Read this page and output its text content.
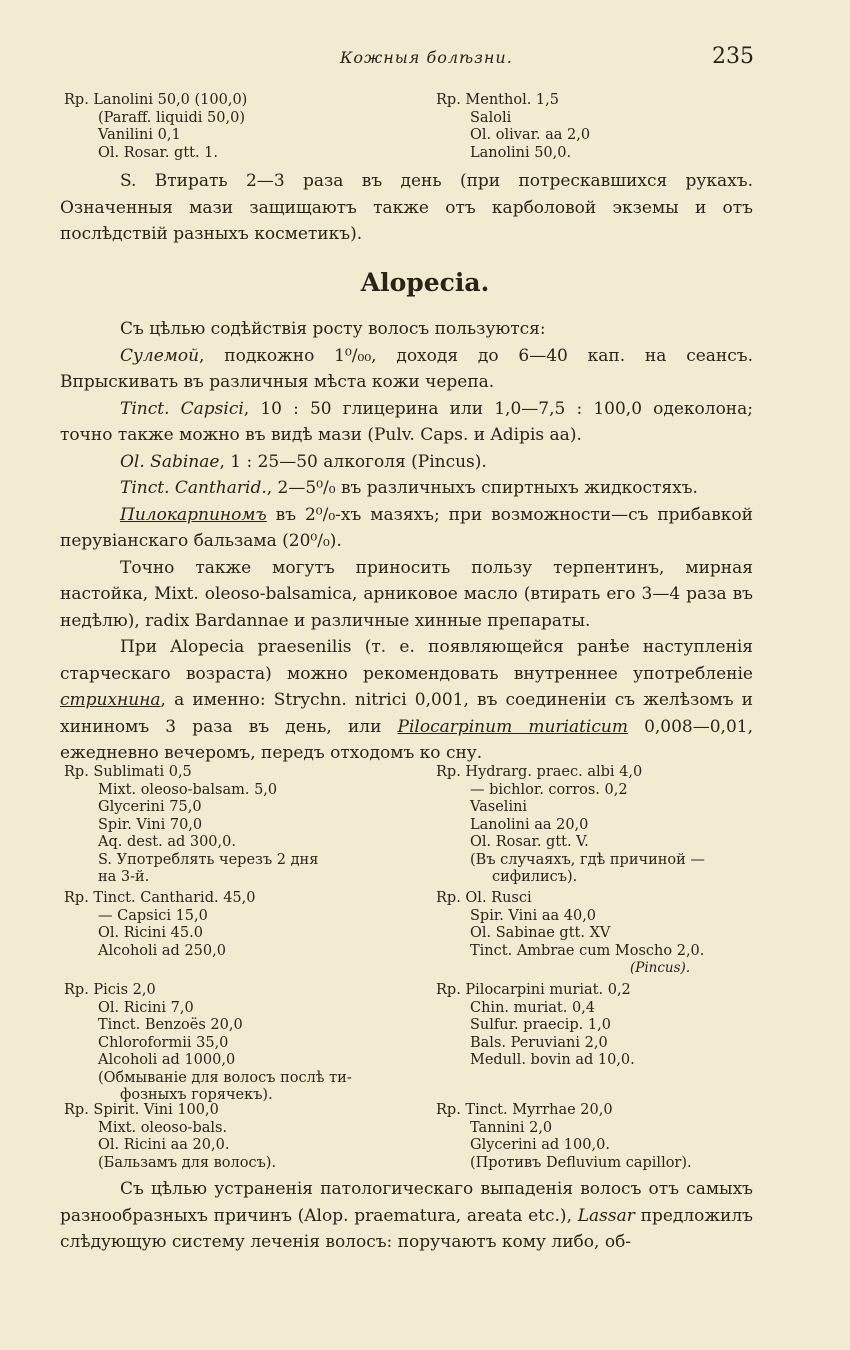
Кожныя болѣзни.	235
Rp. Lanolini 50,0 (100,0)
(Paraff. liquidi 50,0)
Vanilini 0,1
Ol. Rosar. gtt. 1.
Rp. Menthol. 1,5
Saloli
Ol. olivar. aa 2,0
Lanolini 50,0.

S. Втирать 2—3 раза въ день (при потрескавшихся рукахъ. Означенныя мази защищаютъ также отъ карболовой экземы и отъ послѣдствій разныхъ косметикъ).

Alopecia.

Съ цѣлью содѣйствія росту волосъ пользуются:

Сулемой, подкожно 1⁰/₀₀, доходя до 6—40 кап. на сеансъ. Впрыскивать въ различныя мѣста кожи черепа.

Tinct. Capsici, 10 : 50 глицерина или 1,0—7,5 : 100,0 одеколона; точно также можно въ видѣ мази (Pulv. Caps. и Adipis aa).

Ol. Sabinae, 1 : 25—50 алкоголя (Pincus).

Tinct. Cantharid., 2—5⁰/₀ въ различныхъ спиртныхъ жидкостяхъ.

Пилокарпиномъ въ 2⁰/₀-хъ мазяхъ; при возможности—съ прибавкой перувіанскаго бальзама (20⁰/₀).

Точно также могутъ приносить пользу терпентинъ, мирная настойка, Mixt. oleoso-balsamica, арниковое масло (втирать его 3—4 раза въ недѣлю), radix Bardannae и различные хинные препараты.

При Alopecia praesenilis (т. е. появляющейся ранѣе наступленія старческаго возраста) можно рекомендовать внутреннее употребленіе стрихнина, а именно: Strychn. nitrici 0,001, въ соединеніи съ желѣзомъ и хининомъ 3 раза въ день, или Pilocarpinum muriaticum 0,008—0,01, ежедневно вечеромъ, передъ отходомъ ко сну.

Rp. Sublimati 0,5
Mixt. oleoso-balsam. 5,0
Glycerini 75,0
Spir. Vini 70,0
Aq. dest. ad 300,0.
S. Употреблять черезъ 2 дня
на 3-й.
Rp. Tinct. Cantharid. 45,0
— Capsici 15,0
Ol. Ricini 45.0
Alcoholi ad 250,0
Rp. Picis 2,0
Ol. Ricini 7,0
Tinct. Benzoës 20,0
Chloroformii 35,0
Alcoholi ad 1000,0
(Обмываніе для волосъ послѣ ти-
фозныхъ горячекъ).
Rp. Spirit. Vini 100,0
Mixt. oleoso-bals.
Ol. Ricini aa 20,0.
(Бальзамъ для волосъ).
Rp. Hydrarg. praec. albi 4,0
— bichlor. corros. 0,2
Vaselini
Lanolini aa 20,0
Ol. Rosar. gtt. V.
(Въ случаяхъ, гдѣ причиной —
сифилисъ).
Rp. Ol. Rusci
Spir. Vini aa 40,0
Ol. Sabinae gtt. XV
Tinct. Ambrae cum Moscho 2,0.
(Pincus).
Rp. Pilocarpini muriat. 0,2
Chin. muriat. 0,4
Sulfur. praecip. 1,0
Bals. Peruviani 2,0
Medull. bovin ad 10,0.
Rp. Tinct. Myrrhae 20,0
Tannini 2,0
Glycerini ad 100,0.
(Противъ Defluvium capillor).

Съ цѣлью устраненія патологическаго выпаденія волосъ отъ самыхъ разнообразныхъ причинъ (Alop. praematura, areata etc.), Lassar предложилъ слѣдующую систему леченія волосъ: поручаютъ кому либо, об-
